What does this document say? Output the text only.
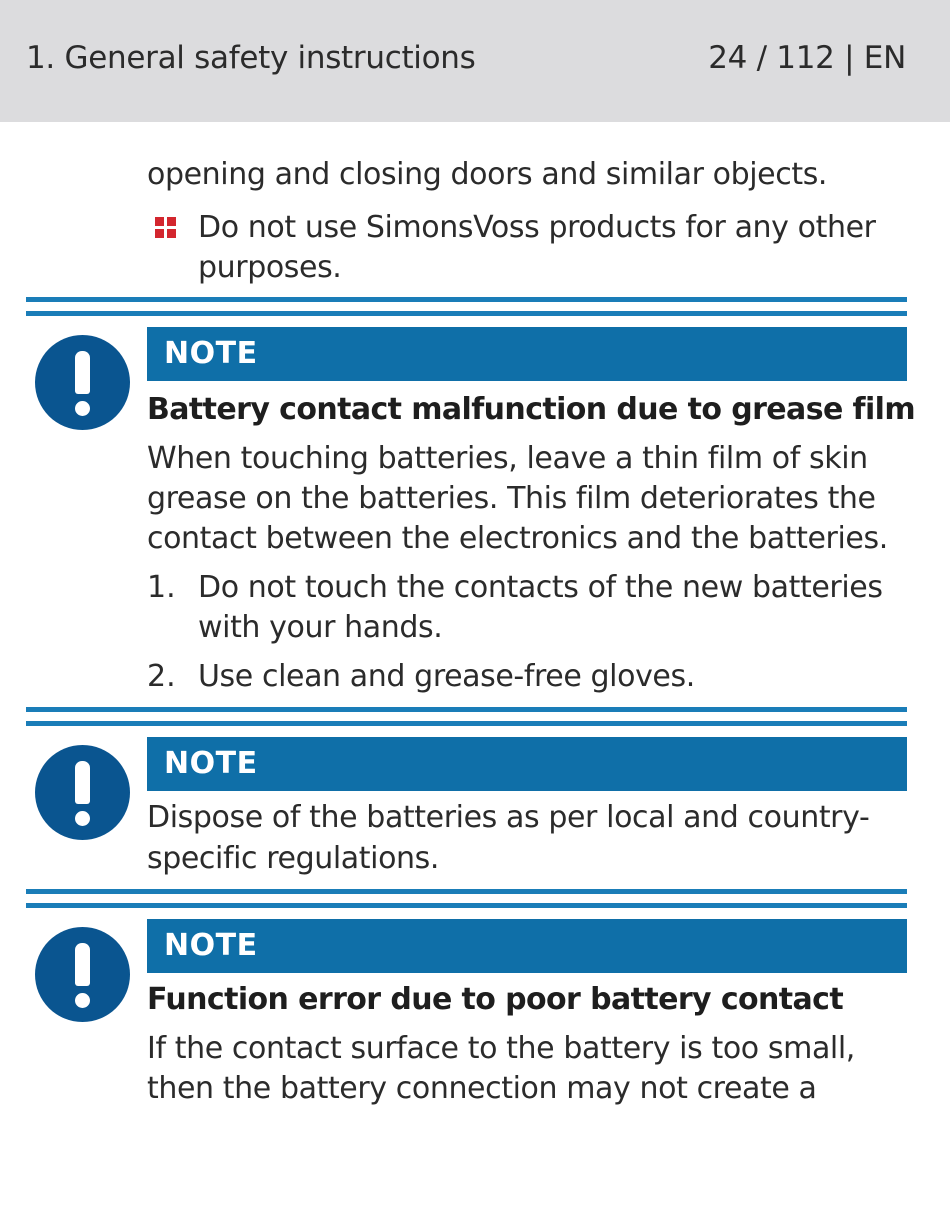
1. General safety instructions	24 / 112 | EN
opening and closing doors and similar objects.
Do not use SimonsVoss products for any other
purposes.
NOTE
Battery contact malfunction due to grease film
When touching batteries, leave a thin film of skin
grease on the batteries. This film deteriorates the
contact between the electronics and the batteries.
1. Do not touch the contacts of the new batteries
with your hands.
2. Use clean and grease-free gloves.
NOTE
Dispose of the batteries as per local and country-
specific regulations.
NOTE
Function error due to poor battery contact
If the contact surface to the battery is too small,
then the battery connection may not create a
